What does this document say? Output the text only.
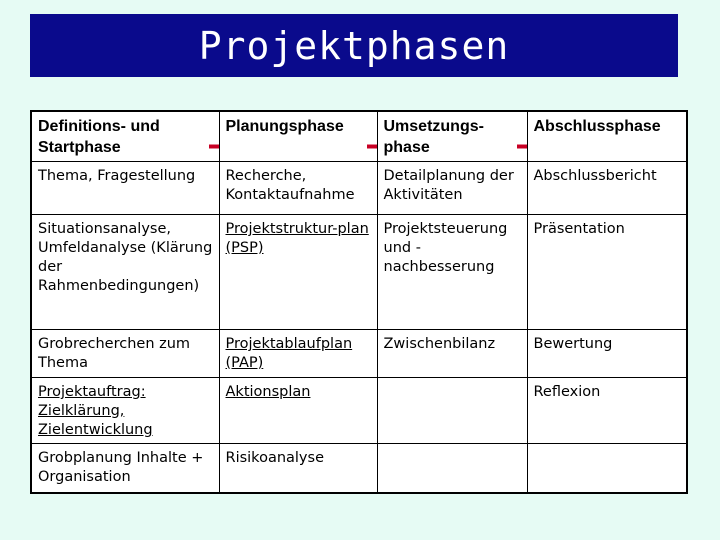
Projektphasen
Definitions- und Startphase	Planungsphase	Umsetzungs-phase	Abschlussphase
Thema, Fragestellung	Recherche, Kontaktaufnahme	Detailplanung der Aktivitäten	Abschlussbericht
Situationsanalyse, Umfeldanalyse (Klärung der Rahmenbedingungen)	Projektstruktur-plan (PSP)	Projektsteuerung und - nachbesserung	Präsentation
Grobrecherchen zum Thema	Projektablaufplan (PAP)	Zwischenbilanz	Bewertung
Projektauftrag: Zielklärung, Zielentwicklung	Aktionsplan		Reflexion
Grobplanung Inhalte + Organisation	Risikoanalyse		
